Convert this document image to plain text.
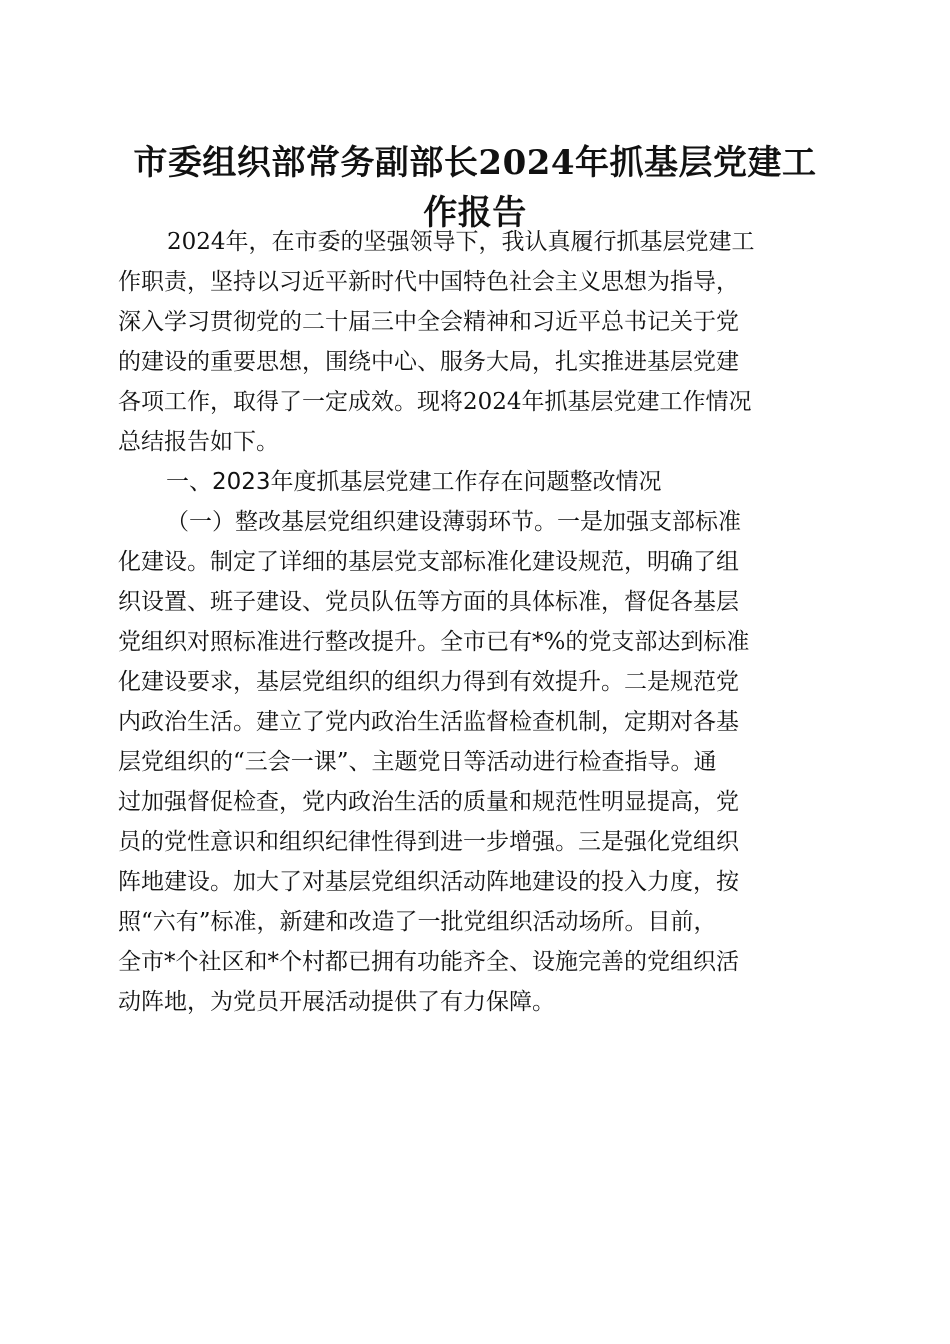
市委组织部常务副部长2024年抓基层党建工
作报告
2024年，在市委的坚强领导下，我认真履行抓基层党建工
作职责，坚持以习近平新时代中国特色社会主义思想为指导，
深入学习贯彻党的二十届三中全会精神和习近平总书记关于党
的建设的重要思想，围绕中心、服务大局，扎实推进基层党建
各项工作，取得了一定成效。现将2024年抓基层党建工作情况
总结报告如下。
一、2023年度抓基层党建工作存在问题整改情况
（一）整改基层党组织建设薄弱环节。一是加强支部标准
化建设。制定了详细的基层党支部标准化建设规范，明确了组
织设置、班子建设、党员队伍等方面的具体标准，督促各基层
党组织对照标准进行整改提升。全市已有*%的党支部达到标准
化建设要求，基层党组织的组织力得到有效提升。二是规范党
内政治生活。建立了党内政治生活监督检查机制，定期对各基
层党组织的“三会一课”、主题党日等活动进行检查指导。通
过加强督促检查，党内政治生活的质量和规范性明显提高，党
员的党性意识和组织纪律性得到进一步增强。三是强化党组织
阵地建设。加大了对基层党组织活动阵地建设的投入力度，按
照“六有”标准，新建和改造了一批党组织活动场所。目前，
全市*个社区和*个村都已拥有功能齐全、设施完善的党组织活
动阵地，为党员开展活动提供了有力保障。
